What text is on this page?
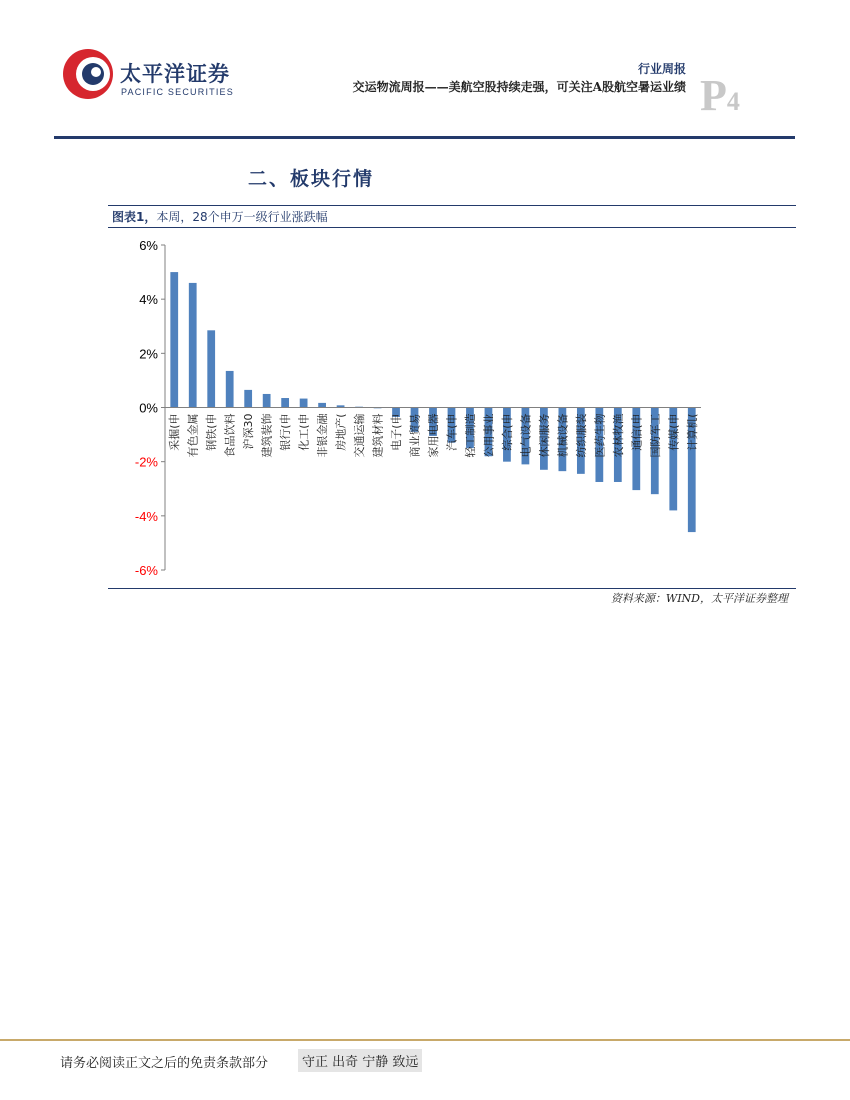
太平洋证券
PACIFIC SECURITIES
行业周报
交运物流周报——美航空股持续走强，可关注A股航空暑运业绩 P4
二、板块行情
图表1，本周，28个申万一级行业涨跌幅
6%
4%
2%
0%
-2%
-4%
-6%
采掘(申 有色金属 钢铁(申 食品饮料 沪深30 建筑装饰 银行(申 化工(申 非银金融 房地产( 交通运输 建筑材料 电子(申 商业贸易 家用电器 汽车(申 轻工制造 公用事业 综合(申 电气设备 休闲服务 机械设备 纺织服装 医药生物 农林牧渔 通信(申 国防军工 传媒(申 计算机(
资料来源：WIND，太平洋证券整理
请务必阅读正文之后的免责条款部分	守正 出奇 宁静 致远
